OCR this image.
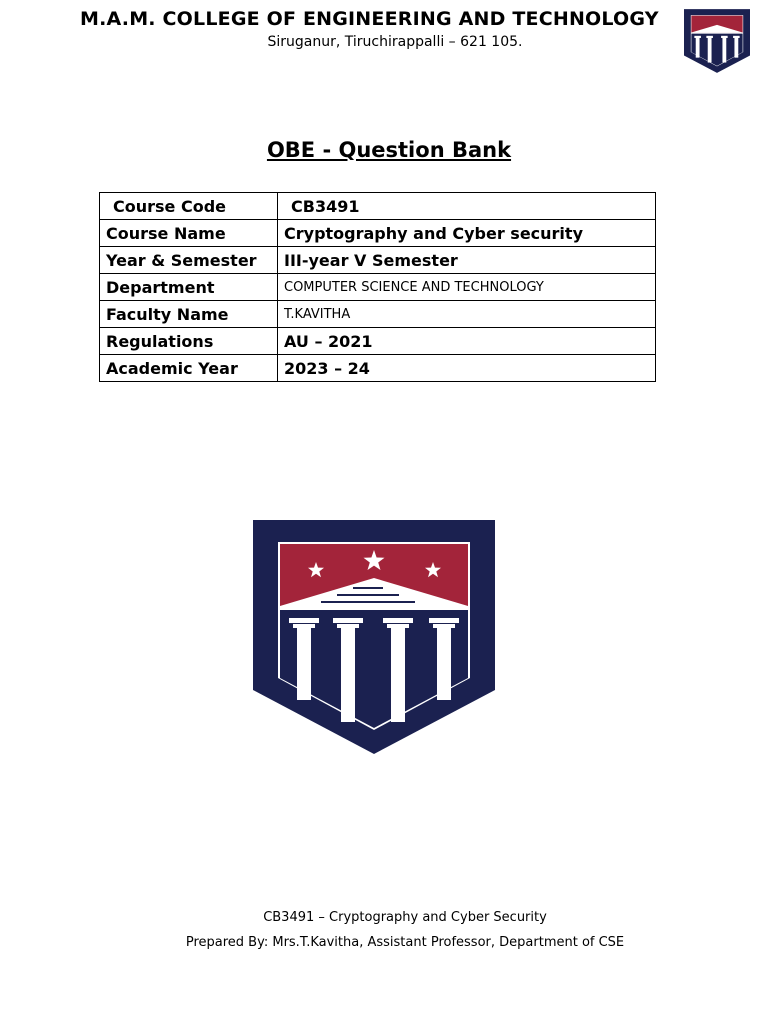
M.A.M. COLLEGE OF ENGINEERING AND TECHNOLOGY
Siruganur, Tiruchirappalli – 621 105.
OBE - Question Bank
Course Code	CB3491
Course Name	Cryptography and Cyber security
Year & Semester	III-year V Semester
Department	COMPUTER SCIENCE AND TECHNOLOGY
Faculty Name	T.KAVITHA
Regulations	AU – 2021
Academic Year	2023 – 24
CB3491 – Cryptography and Cyber Security
Prepared By: Mrs.T.Kavitha, Assistant Professor, Department of CSE
